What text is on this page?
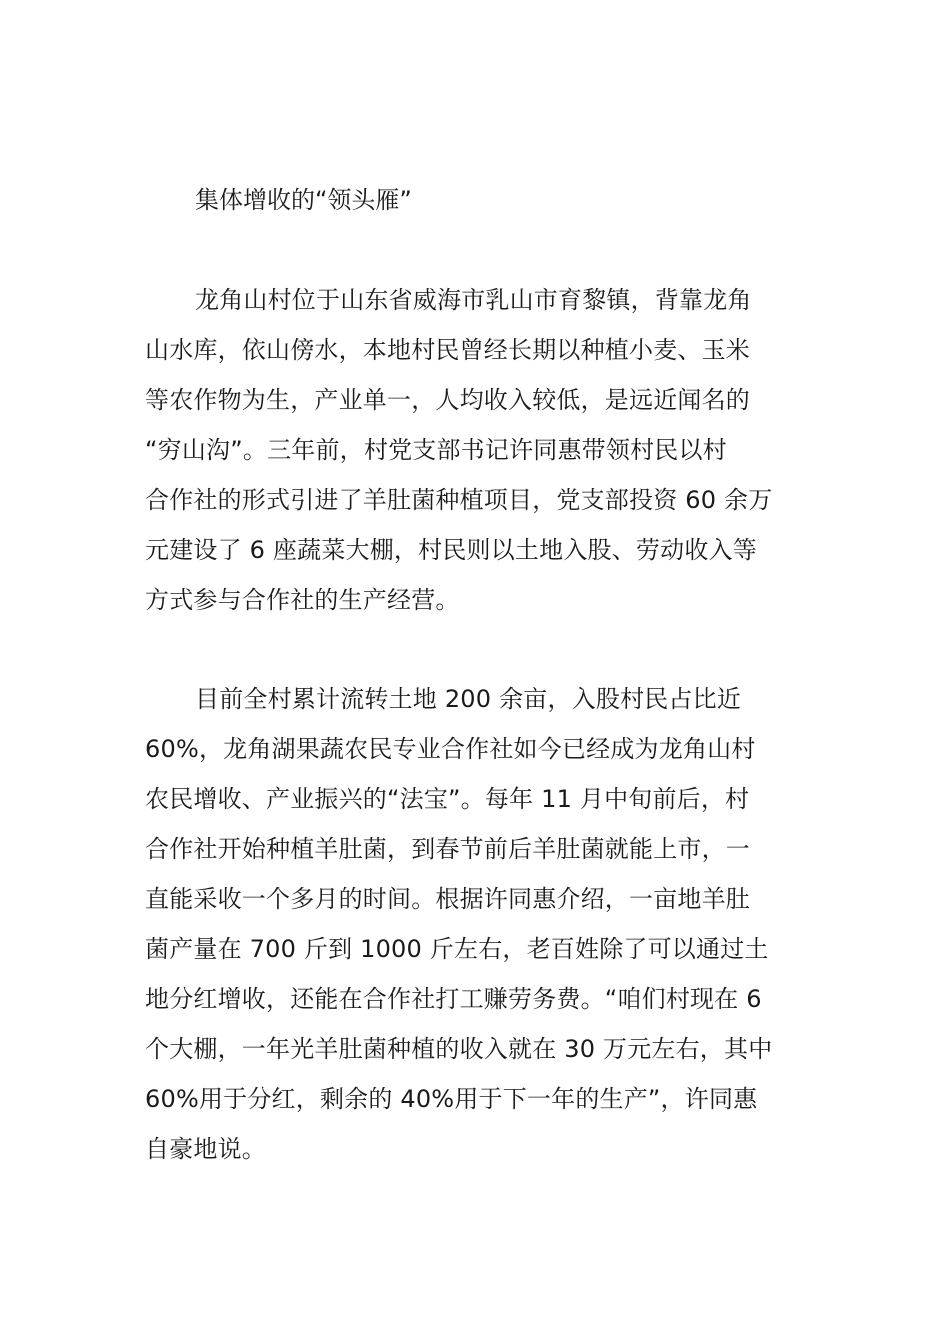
集体增收的“领头雁”
龙角山村位于山东省威海市乳山市育黎镇，背靠龙角
山水库，依山傍水，本地村民曾经长期以种植小麦、玉米
等农作物为生，产业单一，人均收入较低，是远近闻名的
“穷山沟”。三年前，村党支部书记许同惠带领村民以村
合作社的形式引进了羊肚菌种植项目，党支部投资 60 余万
元建设了 6 座蔬菜大棚，村民则以土地入股、劳动收入等
方式参与合作社的生产经营。
目前全村累计流转土地 200 余亩，入股村民占比近
60%，龙角湖果蔬农民专业合作社如今已经成为龙角山村
农民增收、产业振兴的“法宝”。每年 11 月中旬前后，村
合作社开始种植羊肚菌，到春节前后羊肚菌就能上市，一
直能采收一个多月的时间。根据许同惠介绍，一亩地羊肚
菌产量在 700 斤到 1000 斤左右，老百姓除了可以通过土
地分红增收，还能在合作社打工赚劳务费。“咱们村现在 6
个大棚，一年光羊肚菌种植的收入就在 30 万元左右，其中
60%用于分红，剩余的 40%用于下一年的生产”，许同惠
自豪地说。
